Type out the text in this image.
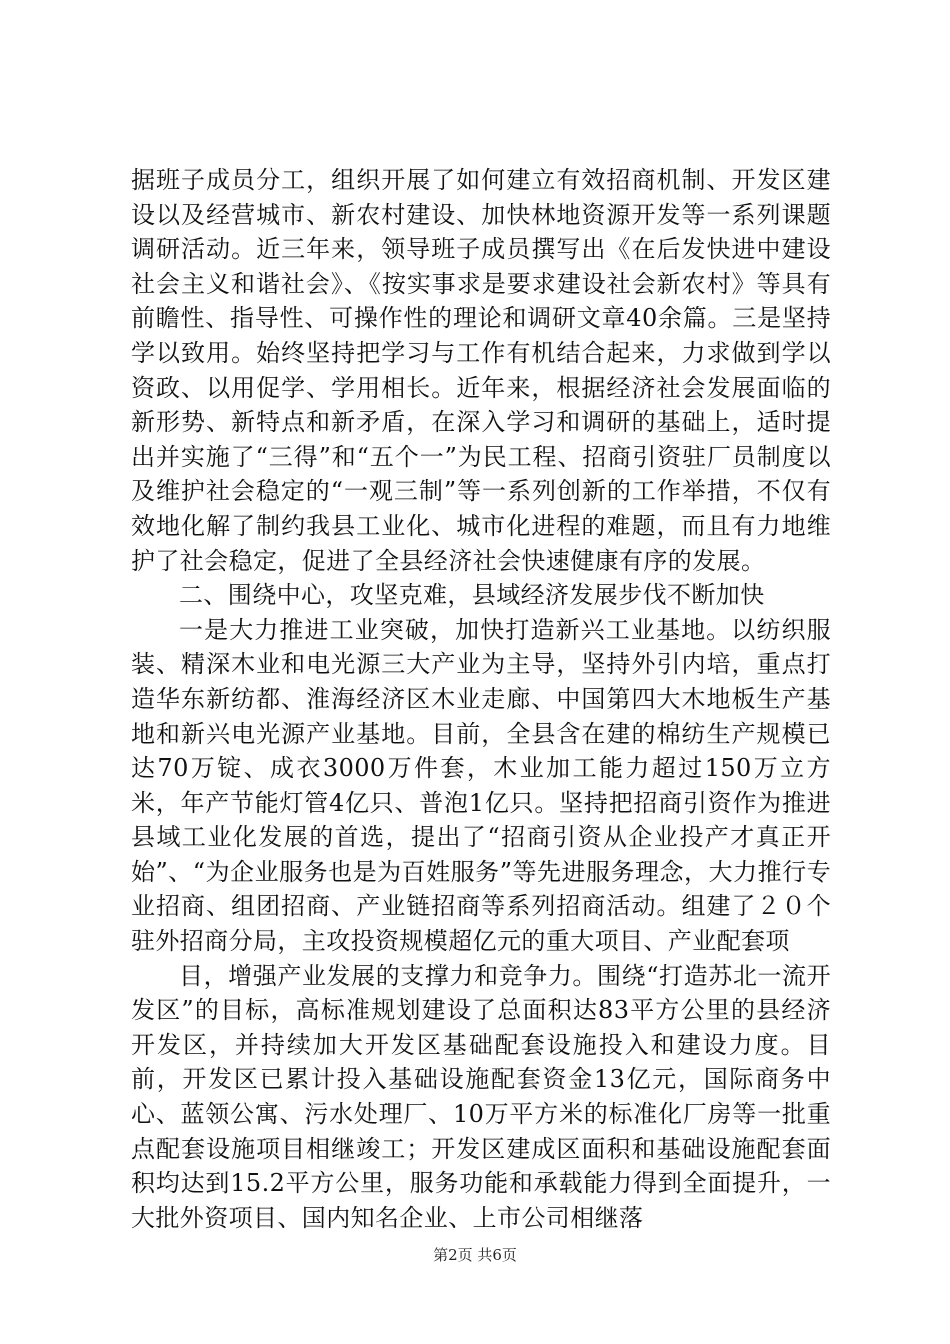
据班子成员分工，组织开展了如何建立有效招商机制、开发区建设以及经营城市、新农村建设、加快林地资源开发等一系列课题调研活动。近三年来，领导班子成员撰写出《在后发快进中建设社会主义和谐社会》、《按实事求是要求建设社会新农村》等具有前瞻性、指导性、可操作性的理论和调研文章40余篇。三是坚持学以致用。始终坚持把学习与工作有机结合起来，力求做到学以资政、以用促学、学用相长。近年来，根据经济社会发展面临的新形势、新特点和新矛盾，在深入学习和调研的基础上，适时提出并实施了“三得”和“五个一”为民工程、招商引资驻厂员制度以及维护社会稳定的“一观三制”等一系列创新的工作举措，不仅有效地化解了制约我县工业化、城市化进程的难题，而且有力地维护了社会稳定，促进了全县经济社会快速健康有序的发展。

二、围绕中心，攻坚克难，县域经济发展步伐不断加快

一是大力推进工业突破，加快打造新兴工业基地。以纺织服装、精深木业和电光源三大产业为主导，坚持外引内培，重点打造华东新纺都、淮海经济区木业走廊、中国第四大木地板生产基地和新兴电光源产业基地。目前，全县含在建的棉纺生产规模已达70万锭、成衣3000万件套，木业加工能力超过150万立方米，年产节能灯管4亿只、普泡1亿只。坚持把招商引资作为推进县域工业化发展的首选，提出了“招商引资从企业投产才真正开始”、“为企业服务也是为百姓服务”等先进服务理念，大力推行专业招商、组团招商、产业链招商等系列招商活动。组建了２０个驻外招商分局，主攻投资规模超亿元的重大项目、产业配套项

目，增强产业发展的支撑力和竞争力。围绕“打造苏北一流开发区”的目标，高标准规划建设了总面积达83平方公里的县经济开发区，并持续加大开发区基础配套设施投入和建设力度。目前，开发区已累计投入基础设施配套资金13亿元，国际商务中心、蓝领公寓、污水处理厂、10万平方米的标准化厂房等一批重点配套设施项目相继竣工；开发区建成区面积和基础设施配套面积均达到15.2平方公里，服务功能和承载能力得到全面提升，一大批外资项目、国内知名企业、上市公司相继落

第2页 共6页
